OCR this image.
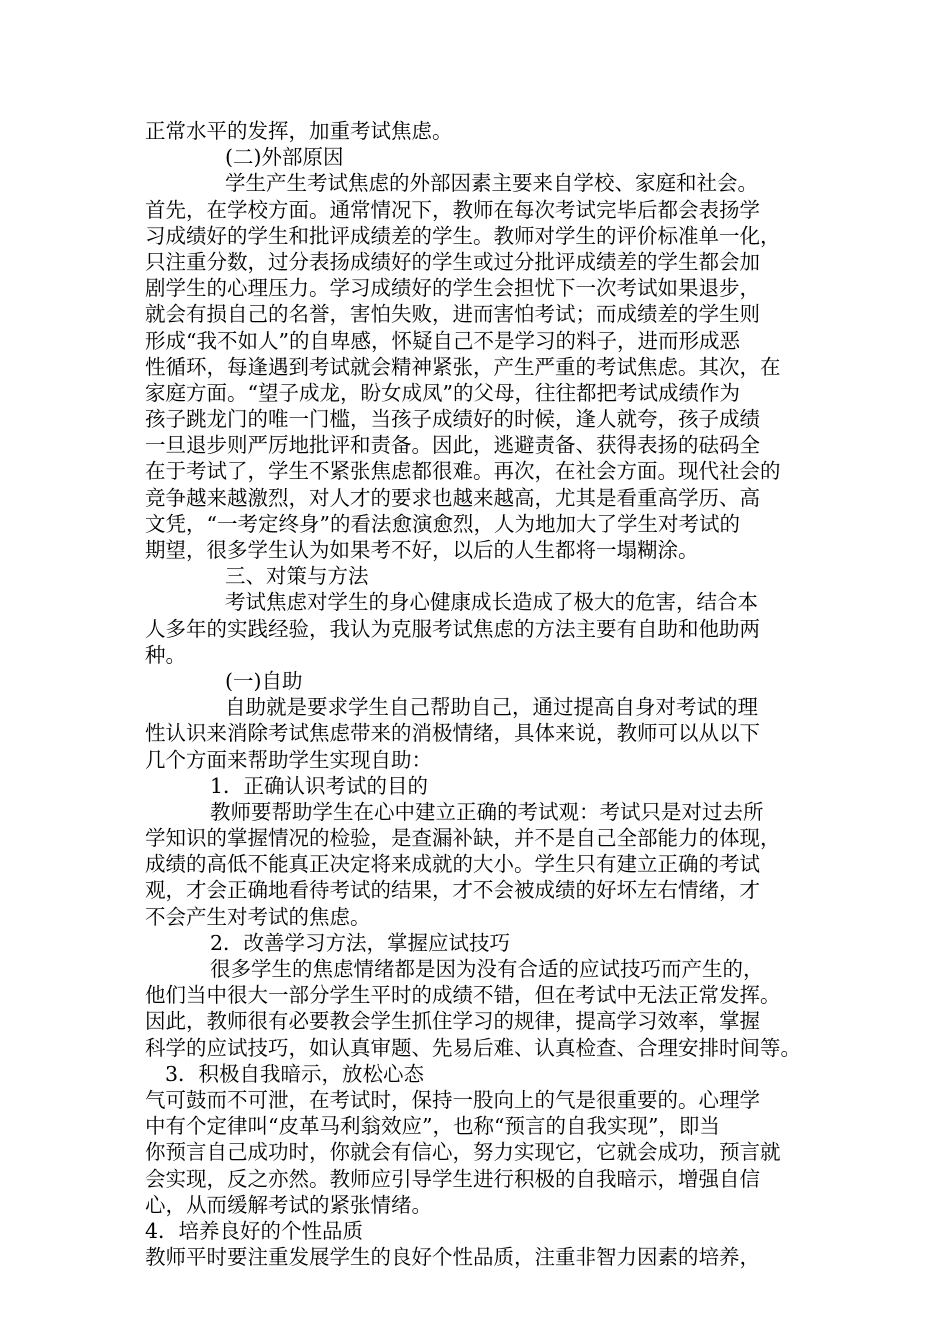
正常水平的发挥，加重考试焦虑。
(二)外部原因
学生产生考试焦虑的外部因素主要来自学校、家庭和社会。
首先，在学校方面。通常情况下，教师在每次考试完毕后都会表扬学
习成绩好的学生和批评成绩差的学生。教师对学生的评价标准单一化，
只注重分数，过分表扬成绩好的学生或过分批评成绩差的学生都会加
剧学生的心理压力。学习成绩好的学生会担忧下一次考试如果退步，
就会有损自己的名誉，害怕失败，进而害怕考试；而成绩差的学生则
形成“我不如人”的自卑感，怀疑自己不是学习的料子，进而形成恶
性循环，每逢遇到考试就会精神紧张，产生严重的考试焦虑。其次，在
家庭方面。“望子成龙，盼女成凤”的父母，往往都把考试成绩作为
孩子跳龙门的唯一门槛，当孩子成绩好的时候，逢人就夸，孩子成绩
一旦退步则严厉地批评和责备。因此，逃避责备、获得表扬的砝码全
在于考试了，学生不紧张焦虑都很难。再次，在社会方面。现代社会的
竞争越来越激烈，对人才的要求也越来越高，尤其是看重高学历、高
文凭，“一考定终身”的看法愈演愈烈，人为地加大了学生对考试的
期望，很多学生认为如果考不好，以后的人生都将一塌糊涂。
三、对策与方法
考试焦虑对学生的身心健康成长造成了极大的危害，结合本
人多年的实践经验，我认为克服考试焦虑的方法主要有自助和他助两
种。
(一)自助
自助就是要求学生自己帮助自己，通过提高自身对考试的理
性认识来消除考试焦虑带来的消极情绪，具体来说，教师可以从以下
几个方面来帮助学生实现自助：
1．正确认识考试的目的
教师要帮助学生在心中建立正确的考试观：考试只是对过去所
学知识的掌握情况的检验，是查漏补缺，并不是自己全部能力的体现，
成绩的高低不能真正决定将来成就的大小。学生只有建立正确的考试
观，才会正确地看待考试的结果，才不会被成绩的好坏左右情绪，才
不会产生对考试的焦虑。
2．改善学习方法，掌握应试技巧
很多学生的焦虑情绪都是因为没有合适的应试技巧而产生的，
他们当中很大一部分学生平时的成绩不错，但在考试中无法正常发挥。
因此，教师很有必要教会学生抓住学习的规律，提高学习效率，掌握
科学的应试技巧，如认真审题、先易后难、认真检查、合理安排时间等。
3．积极自我暗示，放松心态
气可鼓而不可泄，在考试时，保持一股向上的气是很重要的。心理学
中有个定律叫“皮革马利翁效应”，也称“预言的自我实现”，即当
你预言自己成功时，你就会有信心，努力实现它，它就会成功，预言就
会实现，反之亦然。教师应引导学生进行积极的自我暗示，增强自信
心，从而缓解考试的紧张情绪。
4．培养良好的个性品质
教师平时要注重发展学生的良好个性品质，注重非智力因素的培养，
